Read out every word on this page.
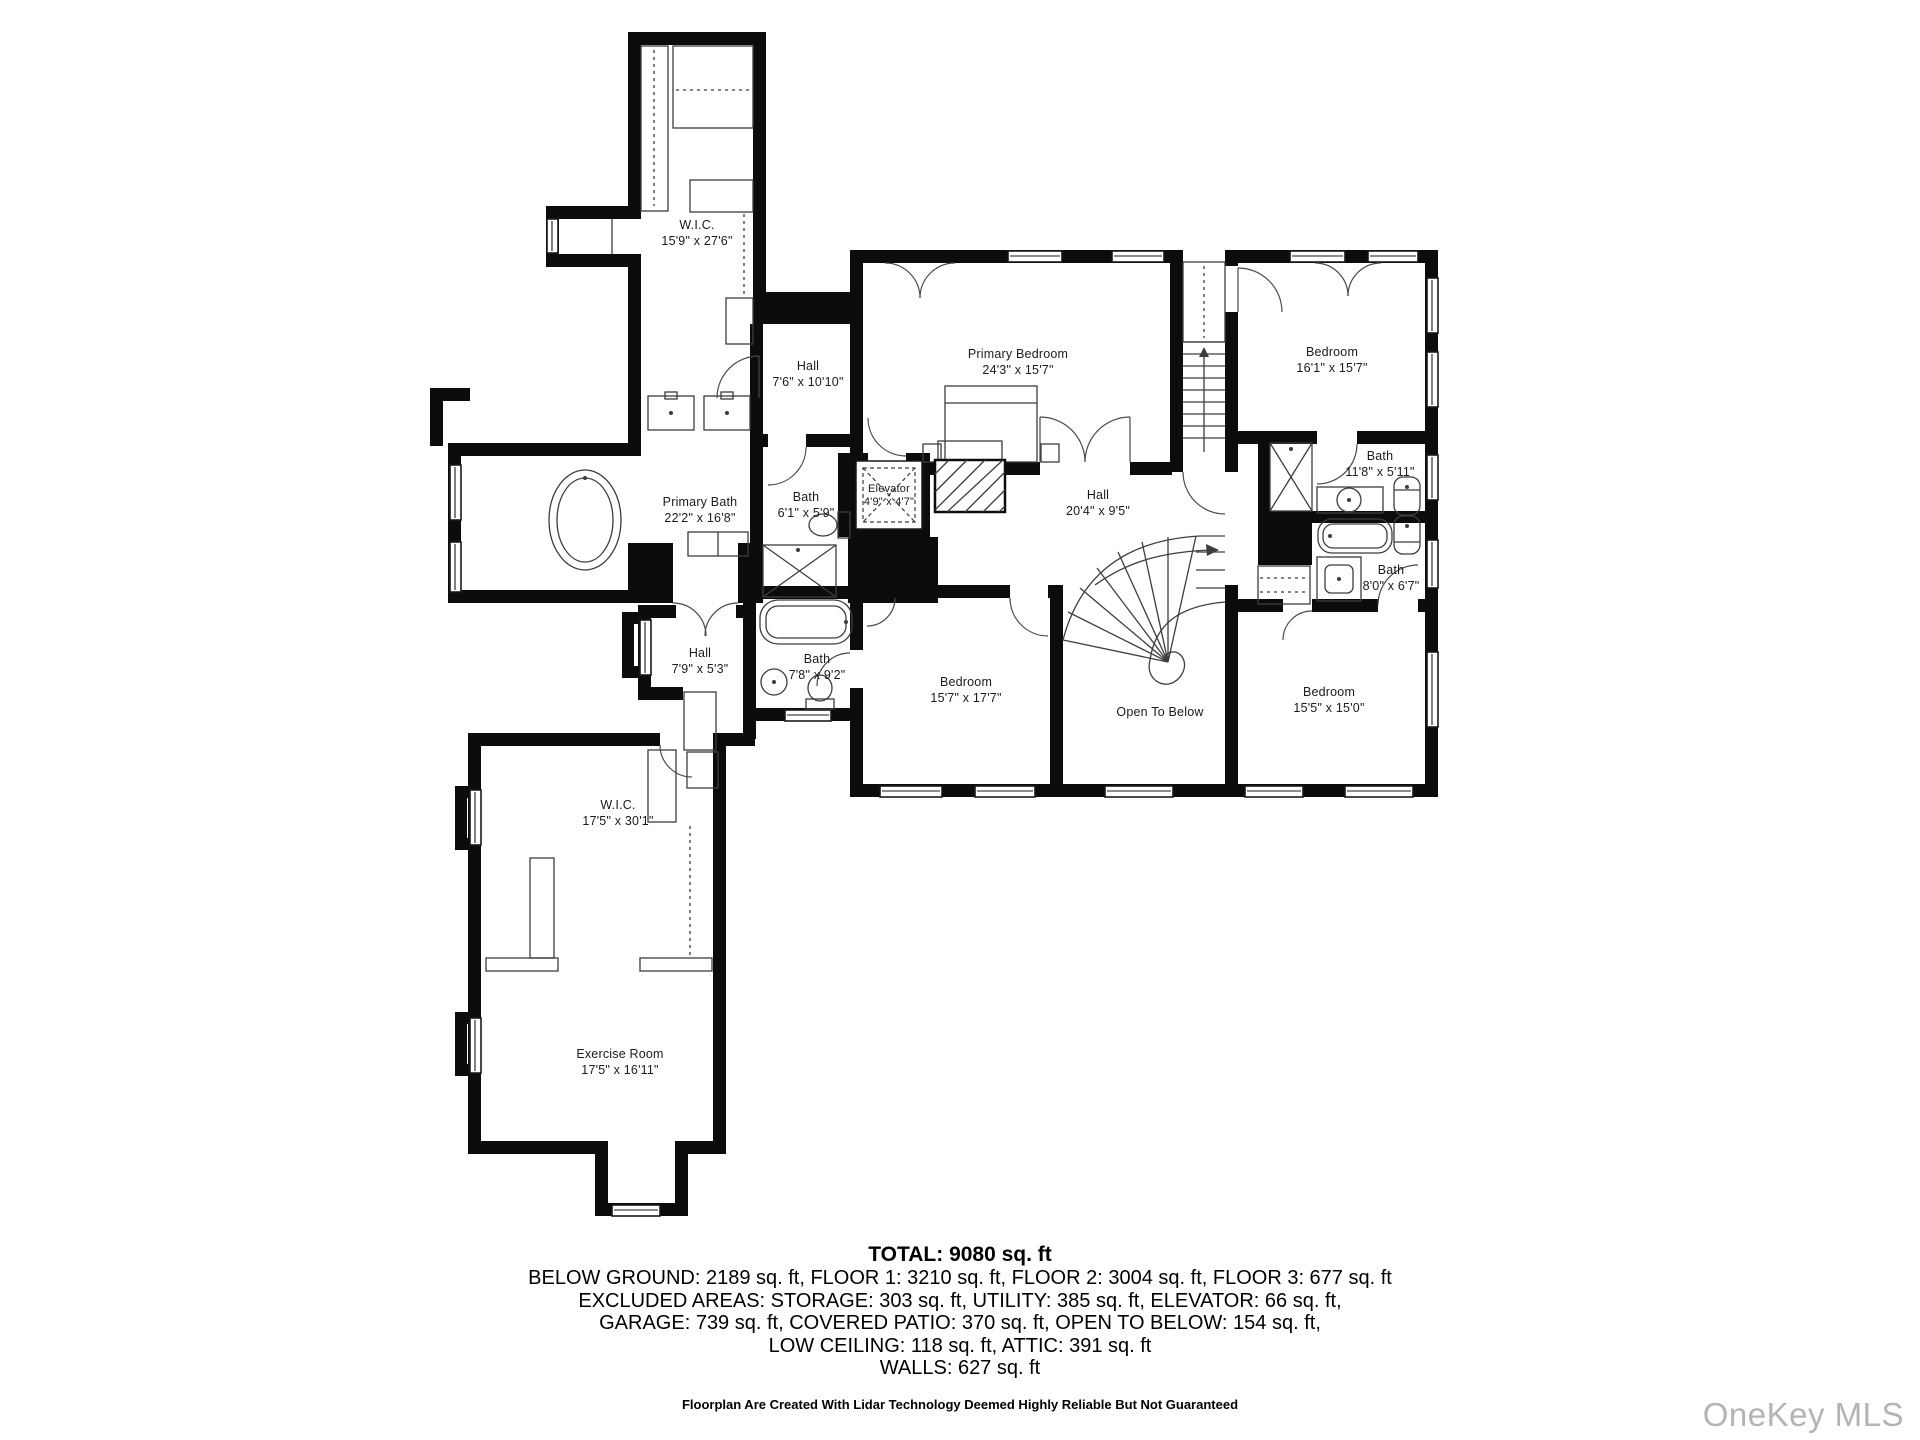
W.I.C.
15'9" x 27'6"
Hall
7'6" x 10'10"
Primary Bedroom
24'3" x 15'7"
Bedroom
16'1" x 15'7"
Primary Bath
22'2" x 16'8"
Bath
6'1" x 5'9"
Elevator
4'9" x 4'7"	Hall
20'4" x 9'5"
Bath
11'8" x 5'11"
Bath
8'0" x 6'7"
Hall
7'9" x 5'3"
Bath
7'8" x 9'2"	Bedroom
15'7" x 17'7"
Open To Below
Bedroom
15'5" x 15'0"
W.I.C.
17'5" x 30'1"
Exercise Room
17'5" x 16'11"
TOTAL: 9080 sq. ft
BELOW GROUND: 2189 sq. ft, FLOOR 1: 3210 sq. ft, FLOOR 2: 3004 sq. ft, FLOOR 3: 677 sq. ft
EXCLUDED AREAS: STORAGE: 303 sq. ft, UTILITY: 385 sq. ft, ELEVATOR: 66 sq. ft,
GARAGE: 739 sq. ft, COVERED PATIO: 370 sq. ft, OPEN TO BELOW: 154 sq. ft,
LOW CEILING: 118 sq. ft, ATTIC: 391 sq. ft
WALLS: 627 sq. ft
Floorplan Are Created With Lidar Technology Deemed Highly Reliable But Not Guaranteed	OneKey MLS
